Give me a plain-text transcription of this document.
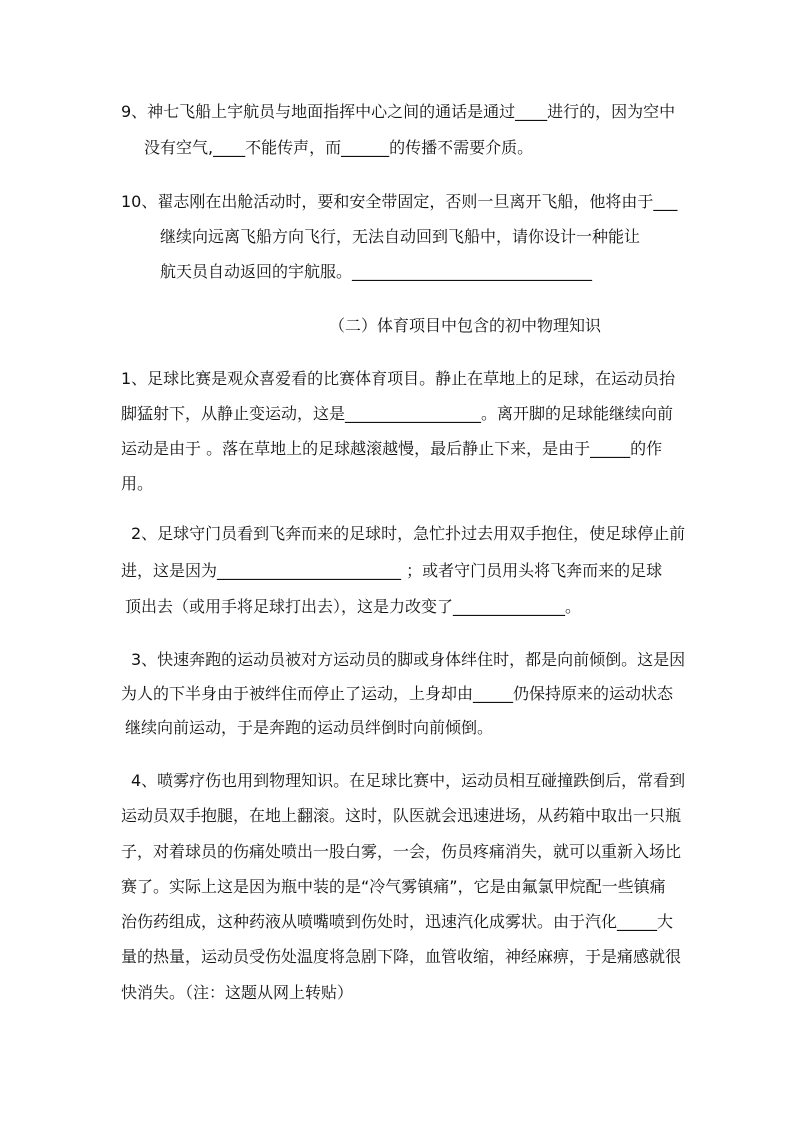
9、神七飞船上宇航员与地面指挥中心之间的通话是通过____进行的，因为空中
没有空气,____不能传声，而______的传播不需要介质。
10、翟志刚在出舱活动时，要和安全带固定，否则一旦离开飞船，他将由于___
继续向远离飞船方向飞行，无法自动回到飞船中，请你设计一种能让
航天员自动返回的宇航服。______________________________
（二）体育项目中包含的初中物理知识
1、足球比赛是观众喜爱看的比赛体育项目。静止在草地上的足球，在运动员抬
脚猛射下，从静止变运动，这是_________________。离开脚的足球能继续向前
运动是由于 。落在草地上的足球越滚越慢，最后静止下来，是由于_____的作
用。
2、足球守门员看到飞奔而来的足球时，急忙扑过去用双手抱住，使足球停止前
进，这是因为_______________________ ；或者守门员用头将飞奔而来的足球
顶出去（或用手将足球打出去），这是力改变了______________。
3、快速奔跑的运动员被对方运动员的脚或身体绊住时，都是向前倾倒。这是因
为人的下半身由于被绊住而停止了运动，上身却由_____仍保持原来的运动状态
继续向前运动，于是奔跑的运动员绊倒时向前倾倒。
4、喷雾疗伤也用到物理知识。在足球比赛中，运动员相互碰撞跌倒后，常看到
运动员双手抱腿，在地上翻滚。这时，队医就会迅速进场，从药箱中取出一只瓶
子，对着球员的伤痛处喷出一股白雾，一会，伤员疼痛消失，就可以重新入场比
赛了。实际上这是因为瓶中装的是“冷气雾镇痛”，它是由氟氯甲烷配一些镇痛
治伤药组成，这种药液从喷嘴喷到伤处时，迅速汽化成雾状。由于汽化_____大
量的热量，运动员受伤处温度将急剧下降，血管收缩，神经麻痹，于是痛感就很
快消失。（注：这题从网上转贴）
